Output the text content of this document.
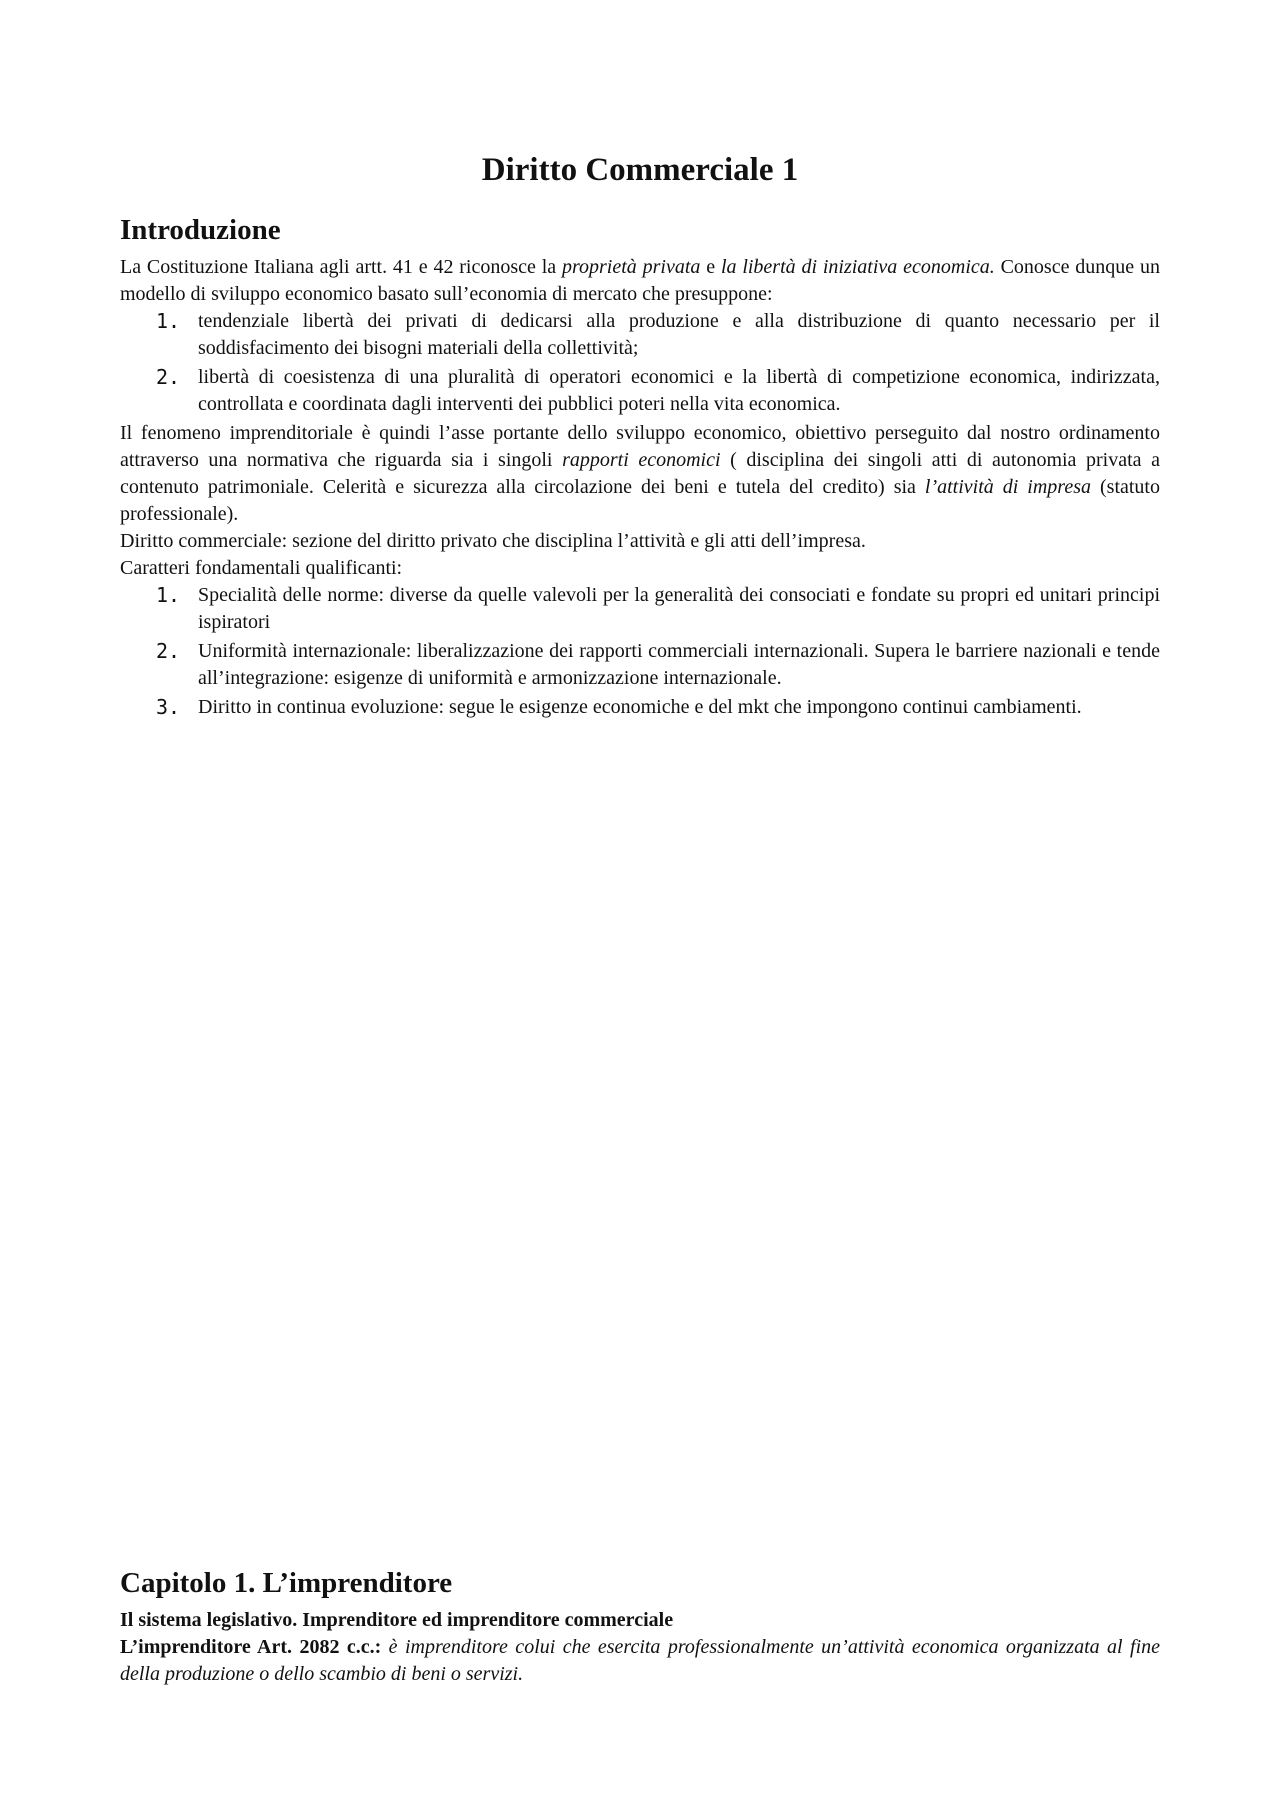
Diritto Commerciale 1
Introduzione

La Costituzione Italiana agli artt. 41 e 42 riconosce la proprietà privata e la libertà di iniziativa economica. Conosce dunque un modello di sviluppo economico basato sull’economia di mercato che presuppone:

1. tendenziale libertà dei privati di dedicarsi alla produzione e alla distribuzione di quanto necessario per il soddisfacimento dei bisogni materiali della collettività;
2. libertà di coesistenza di una pluralità di operatori economici e la libertà di competizione economica, indirizzata, controllata e coordinata dagli interventi dei pubblici poteri nella vita economica.

Il fenomeno imprenditoriale è quindi l’asse portante dello sviluppo economico, obiettivo perseguito dal nostro ordinamento attraverso una normativa che riguarda sia i singoli rapporti economici ( disciplina dei singoli atti di autonomia privata a contenuto patrimoniale. Celerità e sicurezza alla circolazione dei beni e tutela del credito) sia l’attività di impresa (statuto professionale).

Diritto commerciale: sezione del diritto privato che disciplina l’attività e gli atti dell’impresa.

Caratteri fondamentali qualificanti:

1. Specialità delle norme: diverse da quelle valevoli per la generalità dei consociati e fondate su propri ed unitari principi ispiratori
2. Uniformità internazionale: liberalizzazione dei rapporti commerciali internazionali. Supera le barriere nazionali e tende all’integrazione: esigenze di uniformità e armonizzazione internazionale.
3. Diritto in continua evoluzione: segue le esigenze economiche e del mkt che impongono continui cambiamenti.
Capitolo 1. L’imprenditore

Il sistema legislativo. Imprenditore ed imprenditore commerciale

L’imprenditore Art. 2082 c.c.: è imprenditore colui che esercita professionalmente un’attività economica organizzata al fine della produzione o dello scambio di beni o servizi.
